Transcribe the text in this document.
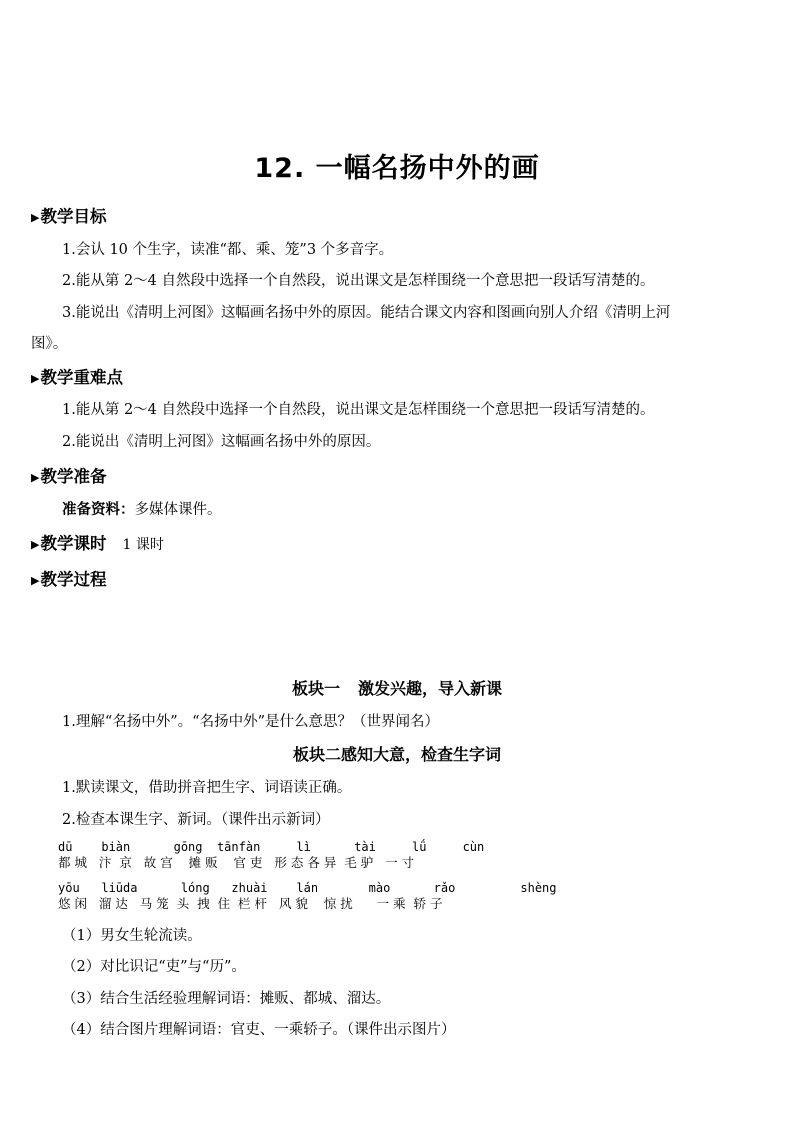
12. 一幅名扬中外的画
▶教学目标
1.会认 10 个生字，读准“都、乘、笼”3 个多音字。
2.能从第 2～4 自然段中选择一个自然段，说出课文是怎样围绕一个意思把一段话写清楚的。
3.能说出《清明上河图》这幅画名扬中外的原因。能结合课文内容和图画向别人介绍《清明上河
图》。
▶教学重难点
1.能从第 2～4 自然段中选择一个自然段，说出课文是怎样围绕一个意思把一段话写清楚的。
2.能说出《清明上河图》这幅画名扬中外的原因。
▶教学准备
准备资料：多媒体课件。
▶教学课时 1 课时
▶教学过程
板块一 激发兴趣，导入新课
1.理解“名扬中外”。“名扬中外”是什么意思？（世界闻名）
板块二感知大意，检查生字词
1.默读课文，借助拼音把生字、词语读正确。
2.检查本课生字、新词。（课件出示新词）
dū    biàn      gōng  tānfàn     lì      tài     lǘ     cùn
都 城   汴  京   故 宫    摊 贩    官 吏   形 态 各 异  毛 驴   一 寸
yōu   liūda      lóng   zhuài    lán       mào      rǎo         shèng
悠 闲   溜 达   马 笼  头  拽  住  栏 杆   风 貌    惊 扰      一 乘  轿 子
（1）男女生轮流读。
（2）对比识记“吏”与“历”。
（3）结合生活经验理解词语：摊贩、都城、溜达。
（4）结合图片理解词语：官吏、一乘轿子。（课件出示图片）
